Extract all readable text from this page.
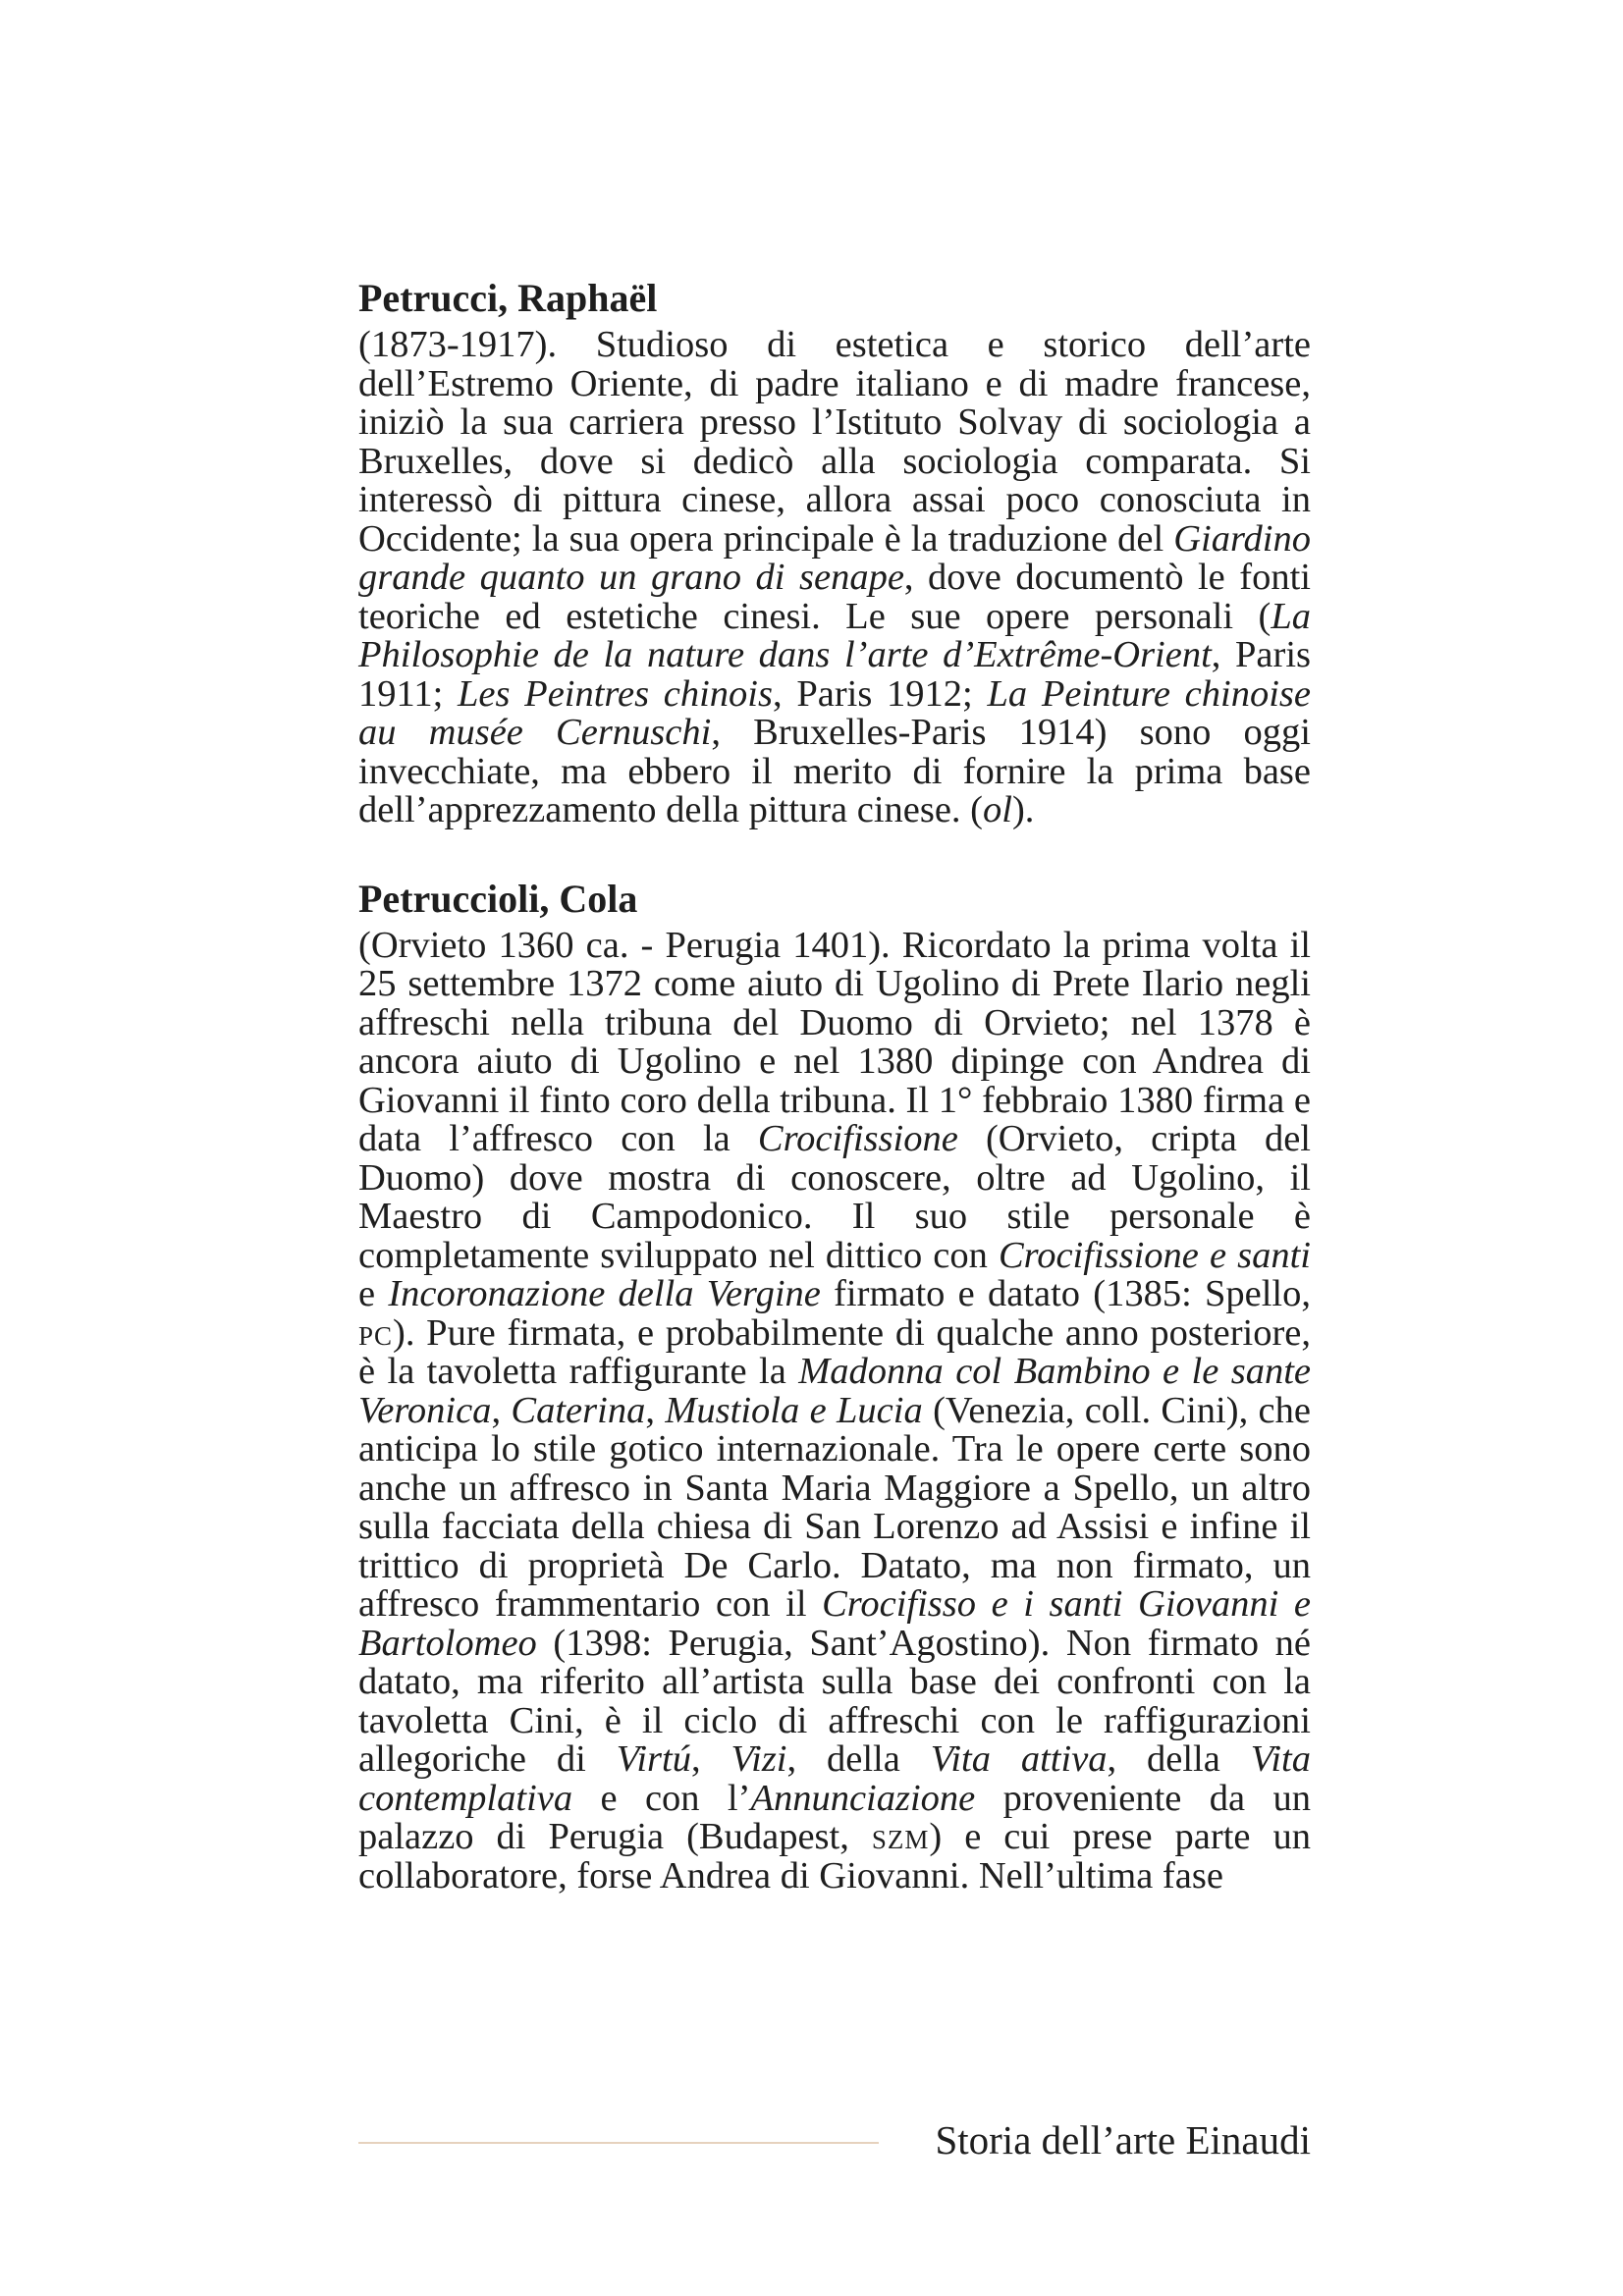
Petrucci, Raphaël

(1873-1917). Studioso di estetica e storico dell’arte dell’Estremo Oriente, di padre italiano e di madre francese, iniziò la sua carriera presso l’Istituto Solvay di sociologia a Bruxelles, dove si dedicò alla sociologia comparata. Si interessò di pittura cinese, allora assai poco conosciuta in Occidente; la sua opera principale è la traduzione del Giardino grande quanto un grano di senape, dove documentò le fonti teoriche ed estetiche cinesi. Le sue opere personali (La Philosophie de la nature dans l’arte d’Extrême-Orient, Paris 1911; Les Peintres chinois, Paris 1912; La Peinture chinoise au musée Cernuschi, Bruxelles-Paris 1914) sono oggi invecchiate, ma ebbero il merito di fornire la prima base dell’apprezzamento della pittura cinese. (ol).

Petruccioli, Cola

(Orvieto 1360 ca. - Perugia 1401). Ricordato la prima volta il 25 settembre 1372 come aiuto di Ugolino di Prete Ilario negli affreschi nella tribuna del Duomo di Orvieto; nel 1378 è ancora aiuto di Ugolino e nel 1380 dipinge con Andrea di Giovanni il finto coro della tribuna. Il 1° febbraio 1380 firma e data l’affresco con la Crocifissione (Orvieto, cripta del Duomo) dove mostra di conoscere, oltre ad Ugolino, il Maestro di Campodonico. Il suo stile personale è completamente sviluppato nel dittico con Crocifissione e santi e Incoronazione della Vergine firmato e datato (1385: Spello, pc). Pure firmata, e probabilmente di qualche anno posteriore, è la tavoletta raffigurante la Madonna col Bambino e le sante Veronica, Caterina, Mustiola e Lucia (Venezia, coll. Cini), che anticipa lo stile gotico internazionale. Tra le opere certe sono anche un affresco in Santa Maria Maggiore a Spello, un altro sulla facciata della chiesa di San Lorenzo ad Assisi e infine il trittico di proprietà De Carlo. Datato, ma non firmato, un affresco frammentario con il Crocifisso e i santi Giovanni e Bartolomeo (1398: Perugia, Sant’Agostino). Non firmato né datato, ma riferito all’artista sulla base dei confronti con la tavoletta Cini, è il ciclo di affreschi con le raffigurazioni allegoriche di Virtú, Vizi, della Vita attiva, della Vita contemplativa e con l’Annunciazione proveniente da un palazzo di Perugia (Budapest, szm) e cui prese parte un collaboratore, forse Andrea di Giovanni. Nell’ultima fase

Storia dell’arte Einaudi
